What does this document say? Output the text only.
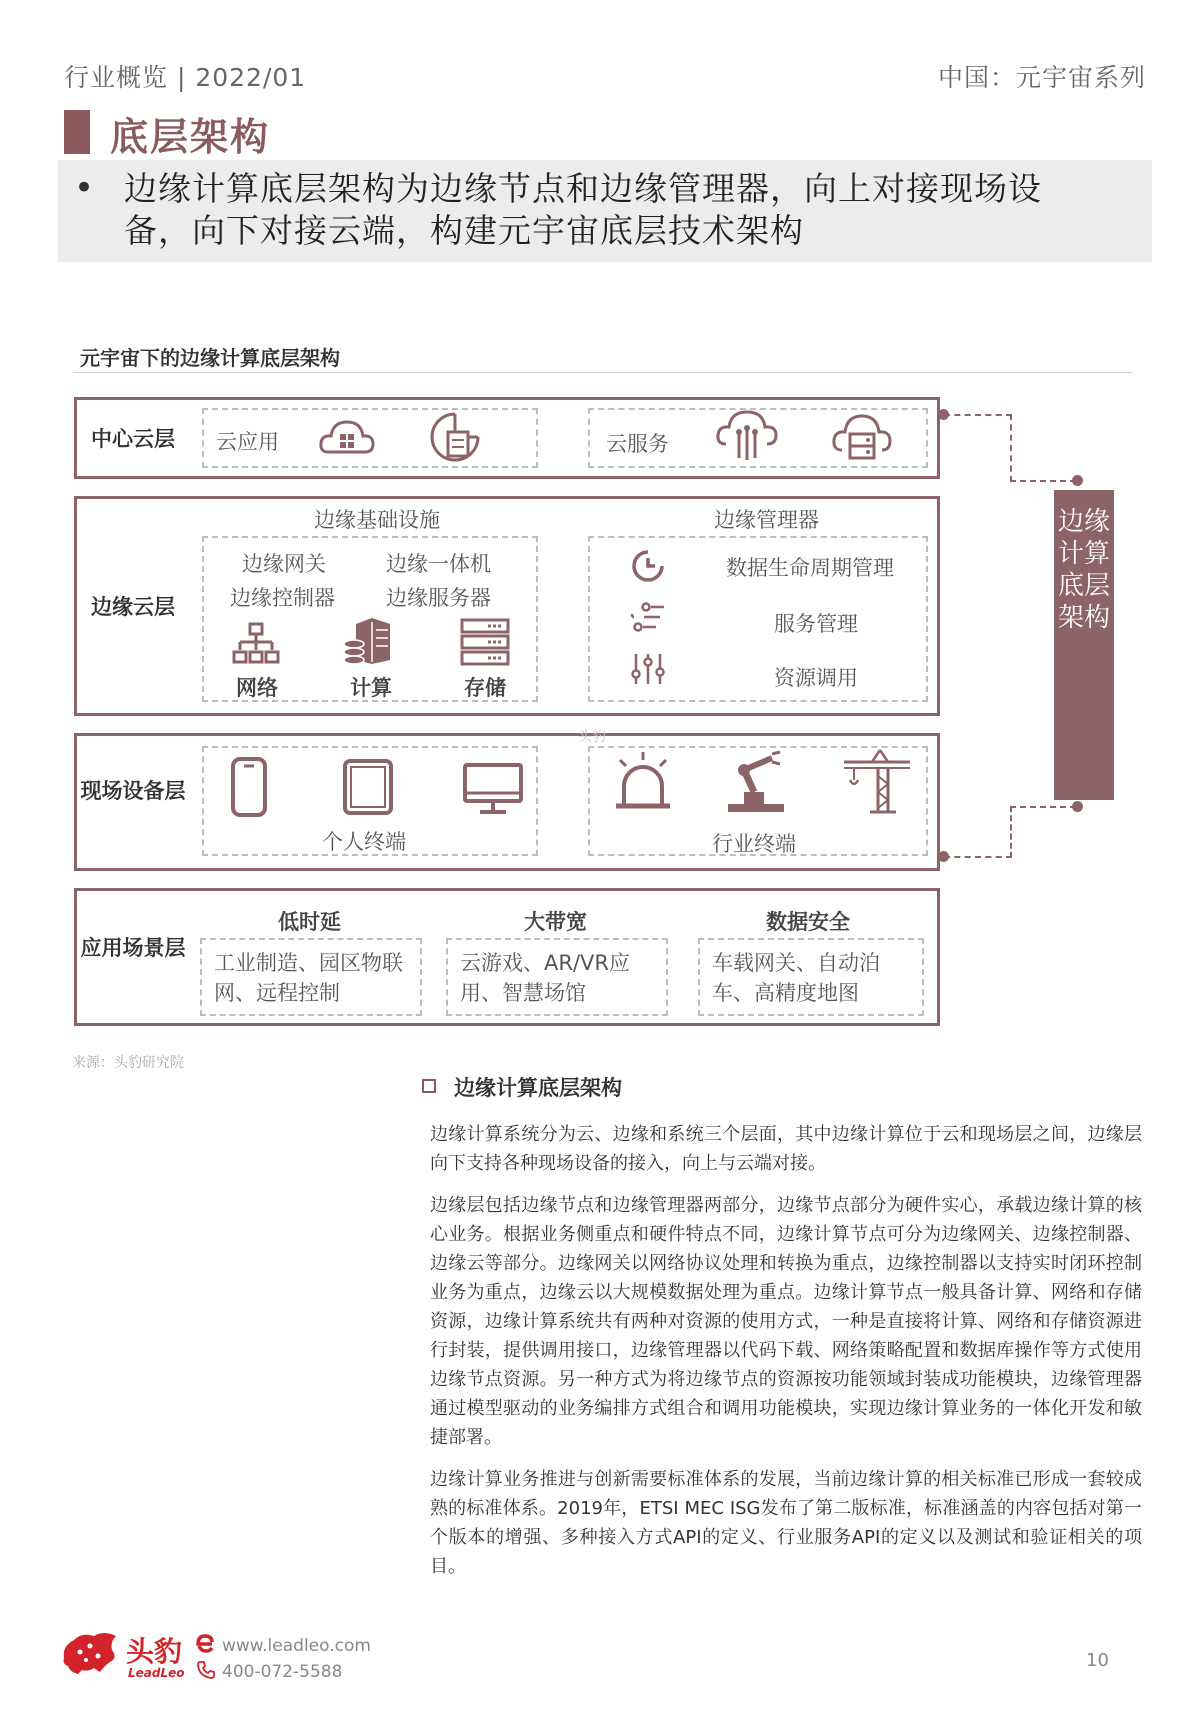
行业概览 | 2022/01	中国：元宇宙系列
底层架构
• 边缘计算底层架构为边缘节点和边缘管理器，向上对接现场设备，向下对接云端，构建元宇宙底层技术架构
元宇宙下的边缘计算底层架构
中心云层	云应用	云服务
边缘云层
边缘基础设施
边缘网关	边缘一体机
边缘控制器 边缘服务器
网络	计算	存储
边缘管理器
数据生命周期管理
服务管理
资源调用
现场设备层
个人终端
头豹
行业终端
应用场景层
低时延
工业制造、园区物联网、远程控制
大带宽
云游戏、AR/VR应用、智慧场馆
数据安全
车载网关、自动泊车、高精度地图
边缘计算底层架构
来源：头豹研究院
边缘计算底层架构
边缘计算系统分为云、边缘和系统三个层面，其中边缘计算位于云和现场层之间，边缘层向下支持各种现场设备的接入，向上与云端对接。
边缘层包括边缘节点和边缘管理器两部分，边缘节点部分为硬件实心，承载边缘计算的核心业务。根据业务侧重点和硬件特点不同，边缘计算节点可分为边缘网关、边缘控制器、边缘云等部分。边缘网关以网络协议处理和转换为重点，边缘控制器以支持实时闭环控制业务为重点，边缘云以大规模数据处理为重点。边缘计算节点一般具备计算、网络和存储资源，边缘计算系统共有两种对资源的使用方式，一种是直接将计算、网络和存储资源进行封装，提供调用接口，边缘管理器以代码下载、网络策略配置和数据库操作等方式使用边缘节点资源。另一种方式为将边缘节点的资源按功能领域封装成功能模块，边缘管理器通过模型驱动的业务编排方式组合和调用功能模块，实现边缘计算业务的一体化开发和敏捷部署。
边缘计算业务推进与创新需要标准体系的发展，当前边缘计算的相关标准已形成一套较成熟的标准体系。2019年，ETSI MEC ISG发布了第二版标准，标准涵盖的内容包括对第一个版本的增强、多种接入方式API的定义、行业服务API的定义以及测试和验证相关的项目。
头豹
LeadLeo
www.leadleo.com
400-072-5588
10
